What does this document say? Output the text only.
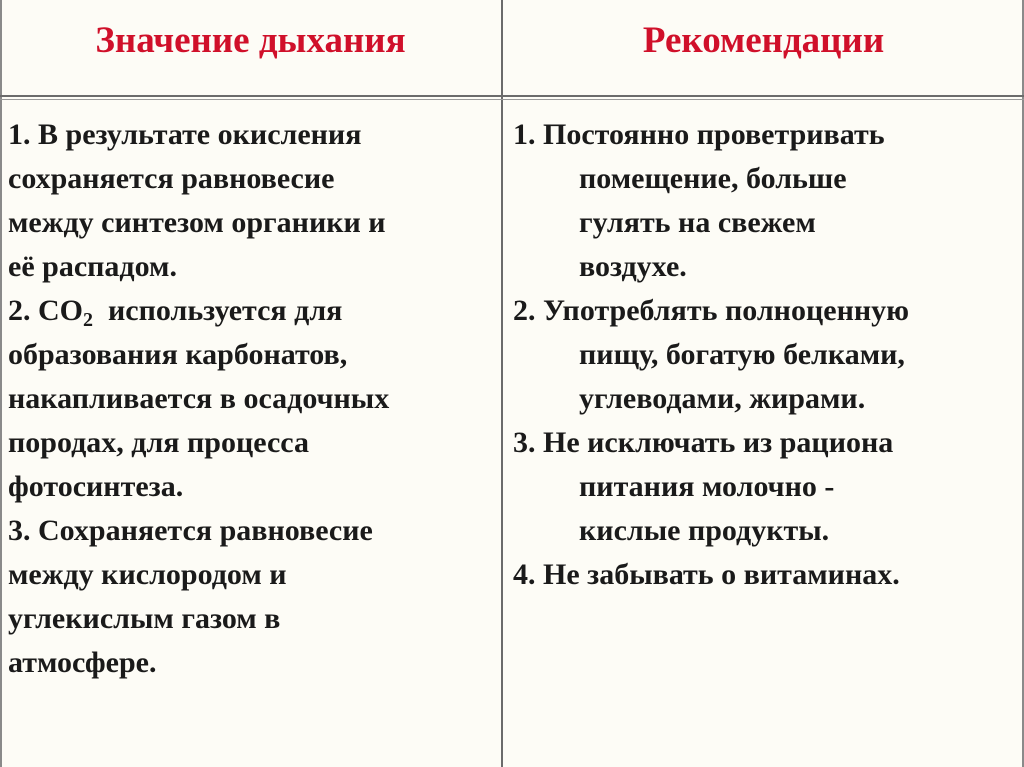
Значение дыхания	Рекомендации
1. В результате окисления
сохраняется равновесие
между синтезом органики и
её распадом.
2. $CO_2$  используется для
образования карбонатов,
накапливается в осадочных
породах, для процесса
фотосинтеза.
3. Сохраняется равновесие
между кислородом и
углекислым газом в
атмосфере.
1. Постоянно проветривать
помещение, больше
гулять на свежем
воздухе.
2. Употреблять полноценную
пищу, богатую белками,
углеводами, жирами.
3. Не исключать из рациона
питания молочно -
кислые продукты.
4. Не забывать о витаминах.
